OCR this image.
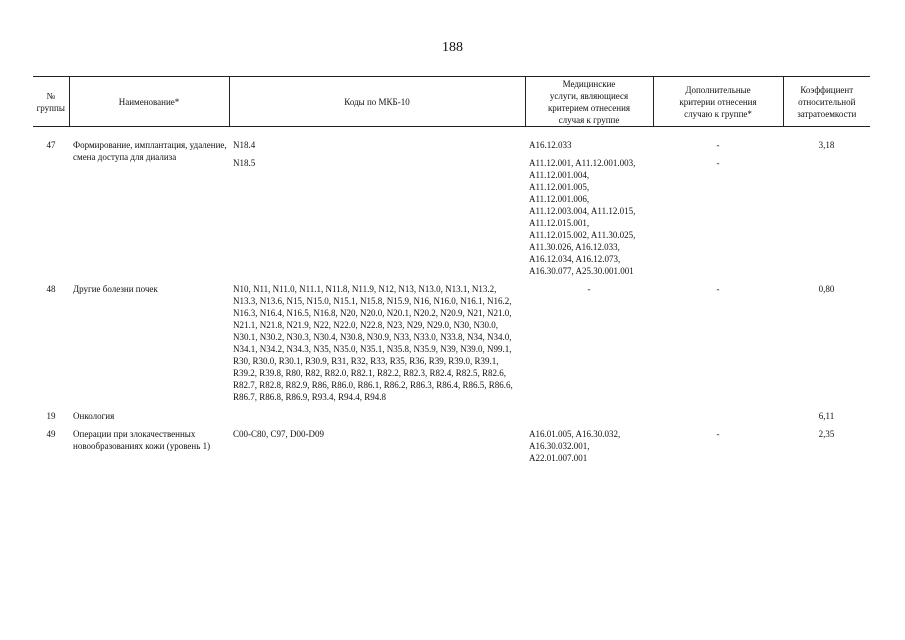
188
№ группы	Наименование*	Коды по МКБ-10	Медицинские услуги, являющиеся критерием отнесения случая к группе	Дополнительные критерии отнесения случаю к группе*	Коэффициент относительной затратоемкости
47	Формирование, имплантация, удаление, смена доступа для диализа	N18.4	A16.12.033	-	3,18
		N18.5	A11.12.001, A11.12.001.003, A11.12.001.004, A11.12.001.005, A11.12.001.006, A11.12.003.004, A11.12.015, A11.12.015.001, A11.12.015.002, A11.30.025, A11.30.026, A16.12.033, A16.12.034, A16.12.073, A16.30.077, A25.30.001.001	-	
48	Другие болезни почек	N10, N11, N11.0, N11.1, N11.8, N11.9, N12, N13, N13.0, N13.1, N13.2, N13.3, N13.6, N15, N15.0, N15.1, N15.8, N15.9, N16, N16.0, N16.1, N16.2, N16.3, N16.4, N16.5, N16.8, N20, N20.0, N20.1, N20.2, N20.9, N21, N21.0, N21.1, N21.8, N21.9, N22, N22.0, N22.8, N23, N29, N29.0, N30, N30.0, N30.1, N30.2, N30.3, N30.4, N30.8, N30.9, N33, N33.0, N33.8, N34, N34.0, N34.1, N34.2, N34.3, N35, N35.0, N35.1, N35.8, N35.9, N39, N39.0, N99.1, R30, R30.0, R30.1, R30.9, R31, R32, R33, R35, R36, R39, R39.0, R39.1, R39.2, R39.8, R80, R82, R82.0, R82.1, R82.2, R82.3, R82.4, R82.5, R82.6, R82.7, R82.8, R82.9, R86, R86.0, R86.1, R86.2, R86.3, R86.4, R86.5, R86.6, R86.7, R86.8, R86.9, R93.4, R94.4, R94.8	-	-	0,80
19	Онкология				6,11
49	Операции при злокачественных новообразованиях кожи (уровень 1)	C00-C80, C97, D00-D09	A16.01.005, A16.30.032, A16.30.032.001, A22.01.007.001	-	2,35
